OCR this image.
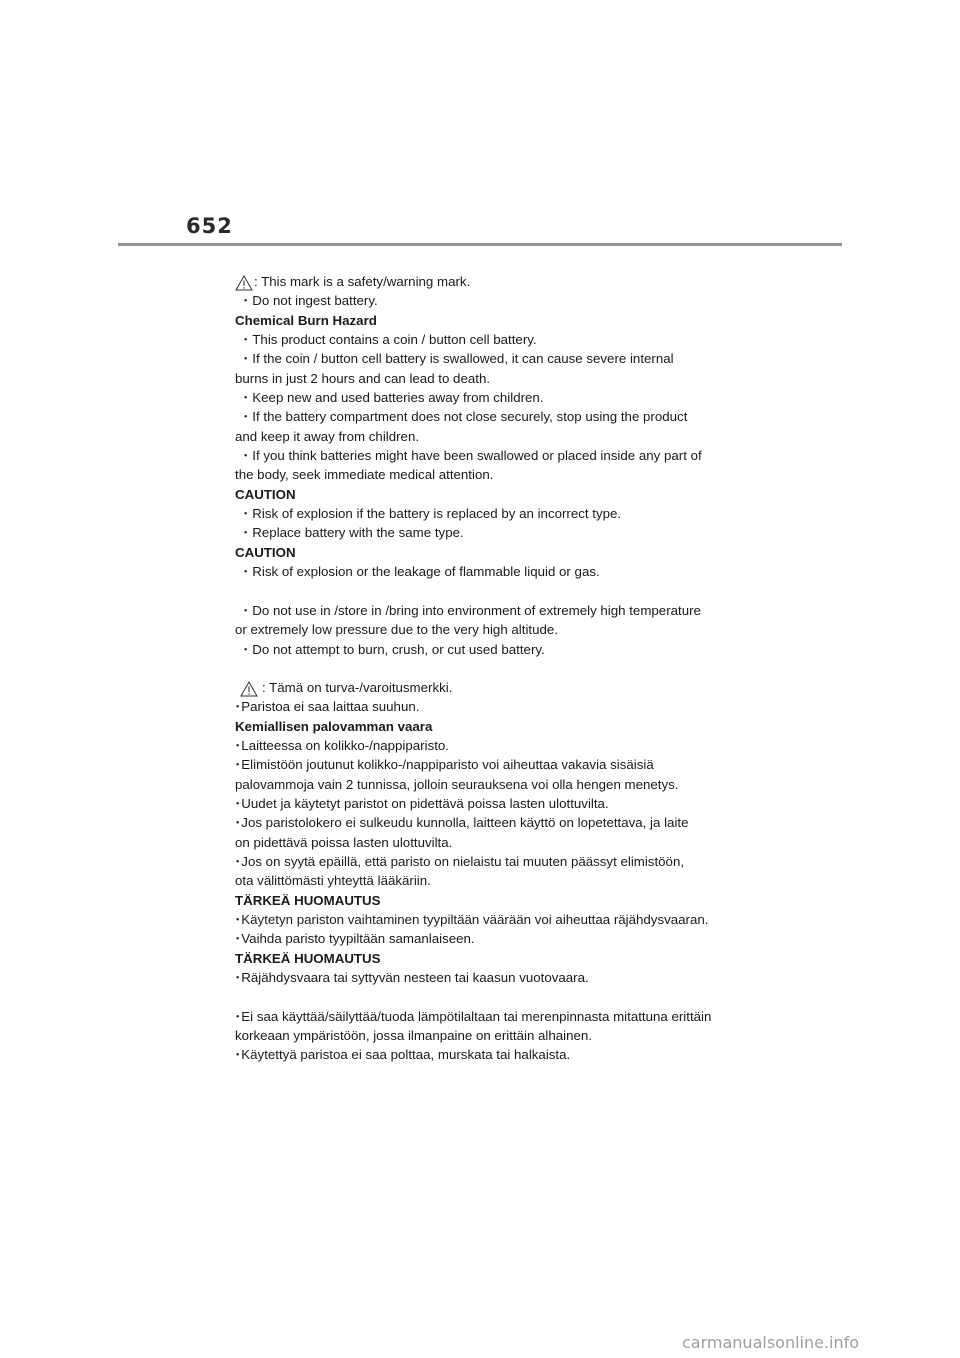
652
: This mark is a safety/warning mark.

・ Do not ingest battery.

Chemical Burn Hazard

・ This product contains a coin / button cell battery.

・ If the coin / button cell battery is swallowed, it can cause severe internal

burns in just 2 hours and can lead to death.

・ Keep new and used batteries away from children.

・ If the battery compartment does not close securely, stop using the product

and keep it away from children.

・ If you think batteries might have been swallowed or placed inside any part of

the body, seek immediate medical attention.

CAUTION

・ Risk of explosion if the battery is replaced by an incorrect type.

・ Replace battery with the same type.

CAUTION

・ Risk of explosion or the leakage of flammable liquid or gas.

・ Do not use in /store in /bring into environment of extremely high temperature

or extremely low pressure due to the very high altitude.

・ Do not attempt to burn, crush, or cut used battery.

: Tämä on turva-/varoitusmerkki.

・ Paristoa ei saa laittaa suuhun.

Kemiallisen palovamman vaara

・ Laitteessa on kolikko-/nappiparisto.

・ Elimistöön joutunut kolikko-/nappiparisto voi aiheuttaa vakavia sisäisiä

palovammoja vain 2 tunnissa, jolloin seurauksena voi olla hengen menetys.

・ Uudet ja käytetyt paristot on pidettävä poissa lasten ulottuvilta.

・ Jos paristolokero ei sulkeudu kunnolla, laitteen käyttö on lopetettava, ja laite

on pidettävä poissa lasten ulottuvilta.

・ Jos on syytä epäillä, että paristo on nielaistu tai muuten päässyt elimistöön,

ota välittömästi yhteyttä lääkäriin.

TÄRKEÄ HUOMAUTUS

・ Käytetyn pariston vaihtaminen tyypiltään väärään voi aiheuttaa räjähdysvaaran.

・ Vaihda paristo tyypiltään samanlaiseen.

TÄRKEÄ HUOMAUTUS

・ Räjähdysvaara tai syttyvän nesteen tai kaasun vuotovaara.

・ Ei saa käyttää/säilyttää/tuoda lämpötilaltaan tai merenpinnasta mitattuna erittäin

korkeaan ympäristöön, jossa ilmanpaine on erittäin alhainen.

・ Käytettyä paristoa ei saa polttaa, murskata tai halkaista.

carmanualsonline.info
